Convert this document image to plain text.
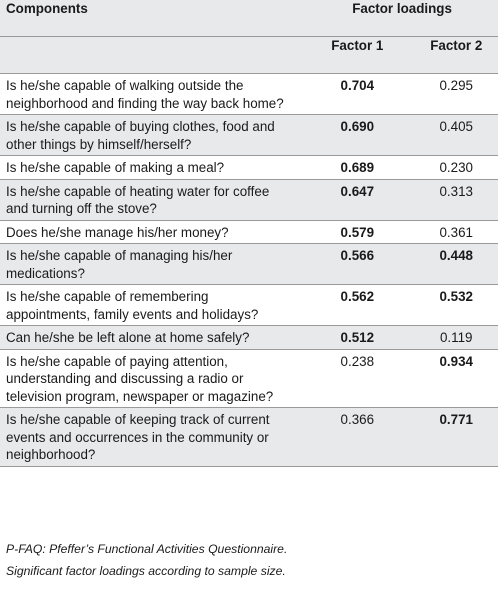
Components	Factor loadings	
	Factor 1	Factor 2
Is he/she capable of walking outside the neighborhood and finding the way back home?	0.704	0.295
Is he/she capable of buying clothes, food and other things by himself/herself?	0.690	0.405
Is he/she capable of making a meal?	0.689	0.230
Is he/she capable of heating water for coffee and turning off the stove?	0.647	0.313
Does he/she manage his/her money?	0.579	0.361
Is he/she capable of managing his/her medications?	0.566	0.448
Is he/she capable of remembering appointments, family events and holidays?	0.562	0.532
Can he/she be left alone at home safely?	0.512	0.119
Is he/she capable of paying attention, understanding and discussing a radio or television program, newspaper or magazine?	0.238	0.934
Is he/she capable of keeping track of current events and occurrences in the community or neighborhood?	0.366	0.771
P-FAQ: Pfeffer’s Functional Activities Questionnaire.
Significant factor loadings according to sample size.
